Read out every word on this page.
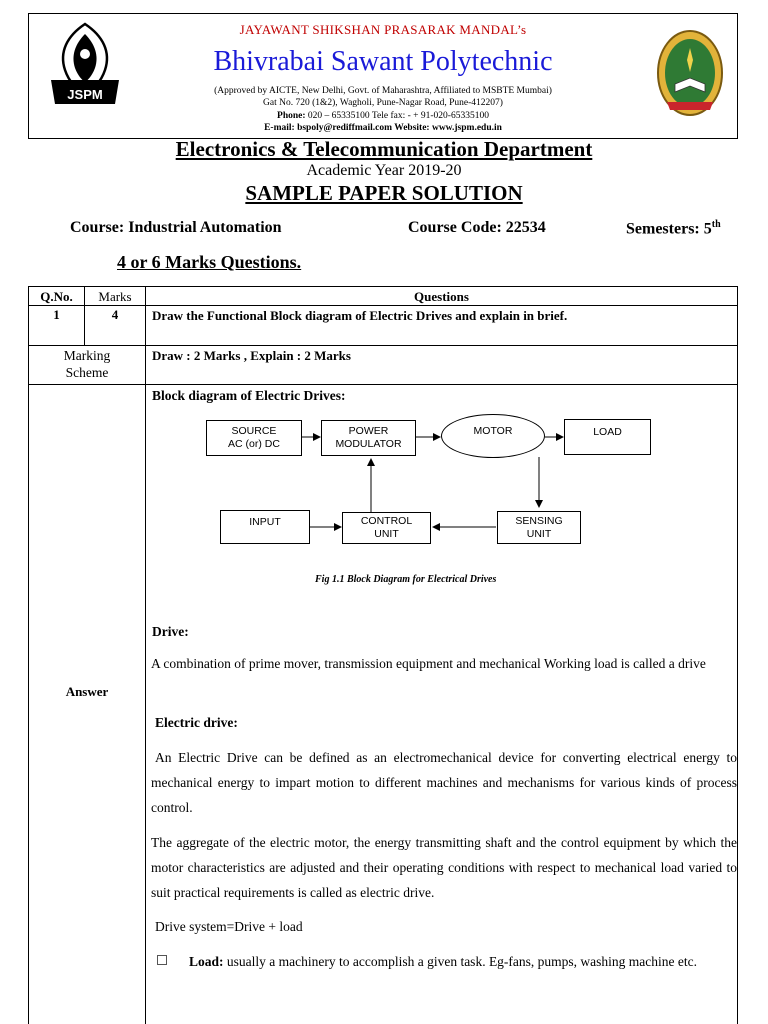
JSPM
JAYAWANT SHIKSHAN PRASARAK MANDAL’s
Bhivrabai Sawant Polytechnic
(Approved by AICTE, New Delhi, Govt. of Maharashtra, Affiliated to MSBTE Mumbai)
Gat No. 720 (1&2), Wagholi, Pune-Nagar Road, Pune-412207)
Phone: 020 – 65335100 Tele fax: - + 91-020-65335100
E-mail: bspoly@rediffmail.com Website: www.jspm.edu.in
Electronics & Telecommunication Department
Academic Year 2019-20
SAMPLE PAPER SOLUTION
Course: Industrial Automation	Course Code: 22534	Semesters: 5th
4 or 6 Marks Questions.
Q.No.	Marks	Questions
1	4	Draw the Functional Block diagram of Electric Drives and explain in brief.
Marking
Scheme
Draw : 2 Marks , Explain : 2 Marks
Answer
Block diagram of Electric Drives:
SOURCE
AC (or) DC
POWER
MODULATOR
MOTOR	LOAD
INPUT	CONTROL
UNIT
SENSING
UNIT
Fig 1.1 Block Diagram for Electrical Drives
Drive:
A combination of prime mover, transmission equipment and mechanical Working load is called a drive
Electric drive:
An Electric Drive can be defined as an electromechanical device for converting electrical energy to mechanical energy to impart motion to different machines and mechanisms for various kinds of process control.
The aggregate of the electric motor, the energy transmitting shaft and the control equipment by which the motor characteristics are adjusted and their operating conditions with respect to mechanical load varied to suit practical requirements is called as electric drive.
Drive system=Drive + load
Load: usually a machinery to accomplish a given task. Eg-fans, pumps, washing machine etc.
